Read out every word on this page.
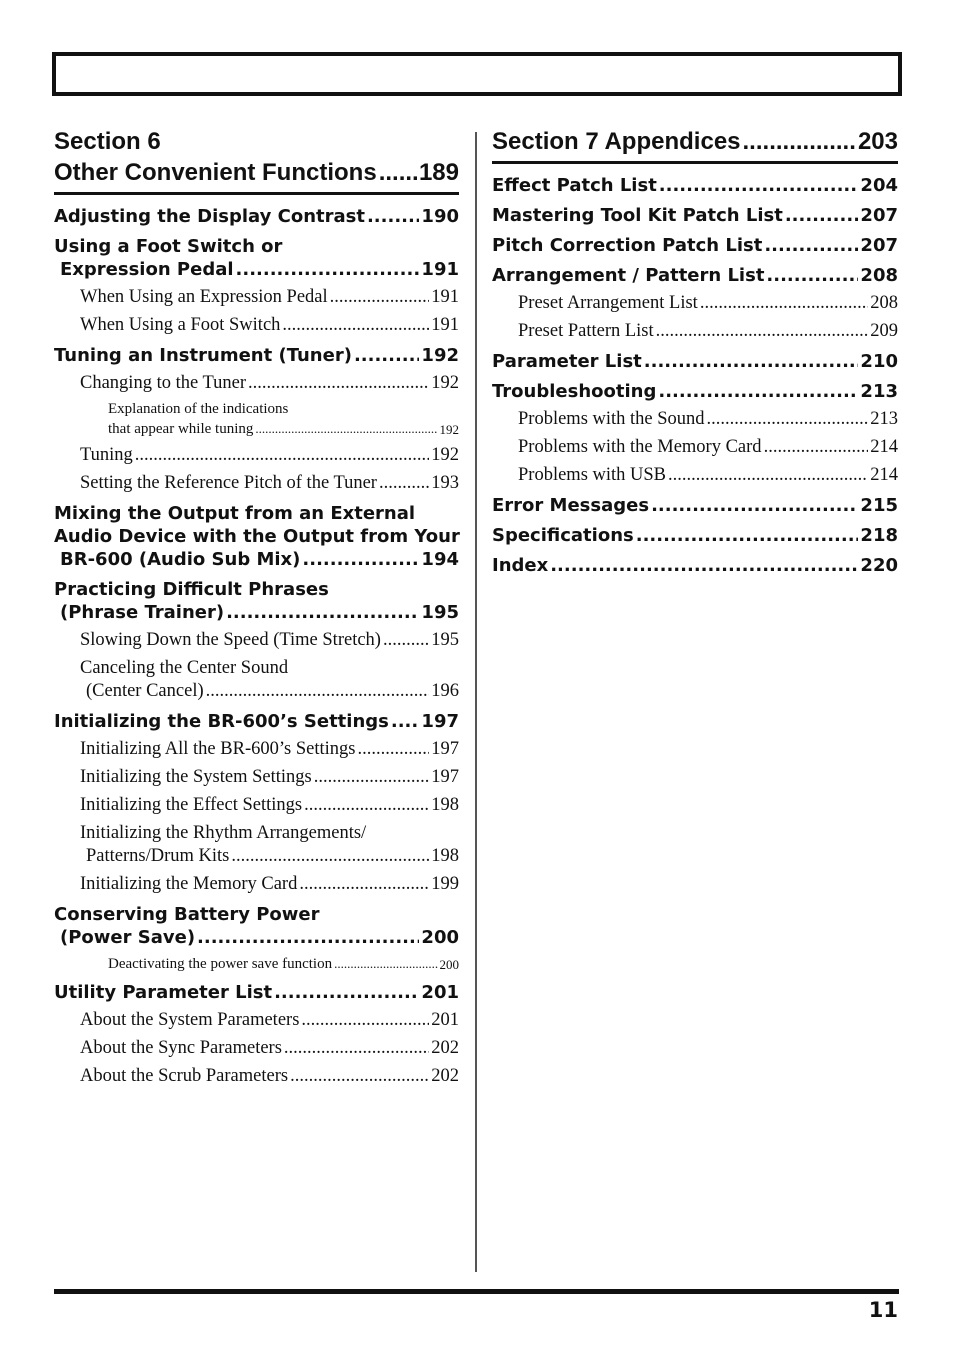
Section 6
Other Convenient Functions ..... 189
Adjusting the Display Contrast .....	190
Using a Foot Switch or
Expression Pedal .....	191
When Using an Expression Pedal .....	191
When Using a Foot Switch .....	191
Tuning an Instrument (Tuner) .....	192
Changing to the Tuner .....	192
Explanation of the indications
that appear while tuning .....	192
Tuning .....	192
Setting the Reference Pitch of the Tuner .....	193
Mixing the Output from an External
Audio Device with the Output from Your
BR-600 (Audio Sub Mix) .....	194
Practicing Difficult Phrases
(Phrase Trainer) .....	195
Slowing Down the Speed (Time Stretch) .....	195
Canceling the Center Sound
(Center Cancel) .....	196
Initializing the BR-600’s Settings ..... 197
Initializing All the BR-600’s Settings .....	197
Initializing the System Settings .....	197
Initializing the Effect Settings .....	198
Initializing the Rhythm Arrangements/
Patterns/Drum Kits .....	198
Initializing the Memory Card .....	199
Conserving Battery Power
(Power Save) .....	200
Deactivating the power save function .....	200
Utility Parameter List .....	201
About the System Parameters .....	201
About the Sync Parameters .....	202
About the Scrub Parameters .....	202
Section 7 Appendices .....	203
Effect Patch List .....	204
Mastering Tool Kit Patch List .....	207
Pitch Correction Patch List .....	207
Arrangement / Pattern List .....	208
Preset Arrangement List .....	208
Preset Pattern List .....	209
Parameter List .....	210
Troubleshooting .....	213
Problems with the Sound .....	213
Problems with the Memory Card .....	214
Problems with USB .....	214
Error Messages .....	215
Specifications .....	218
Index .....	220
11
